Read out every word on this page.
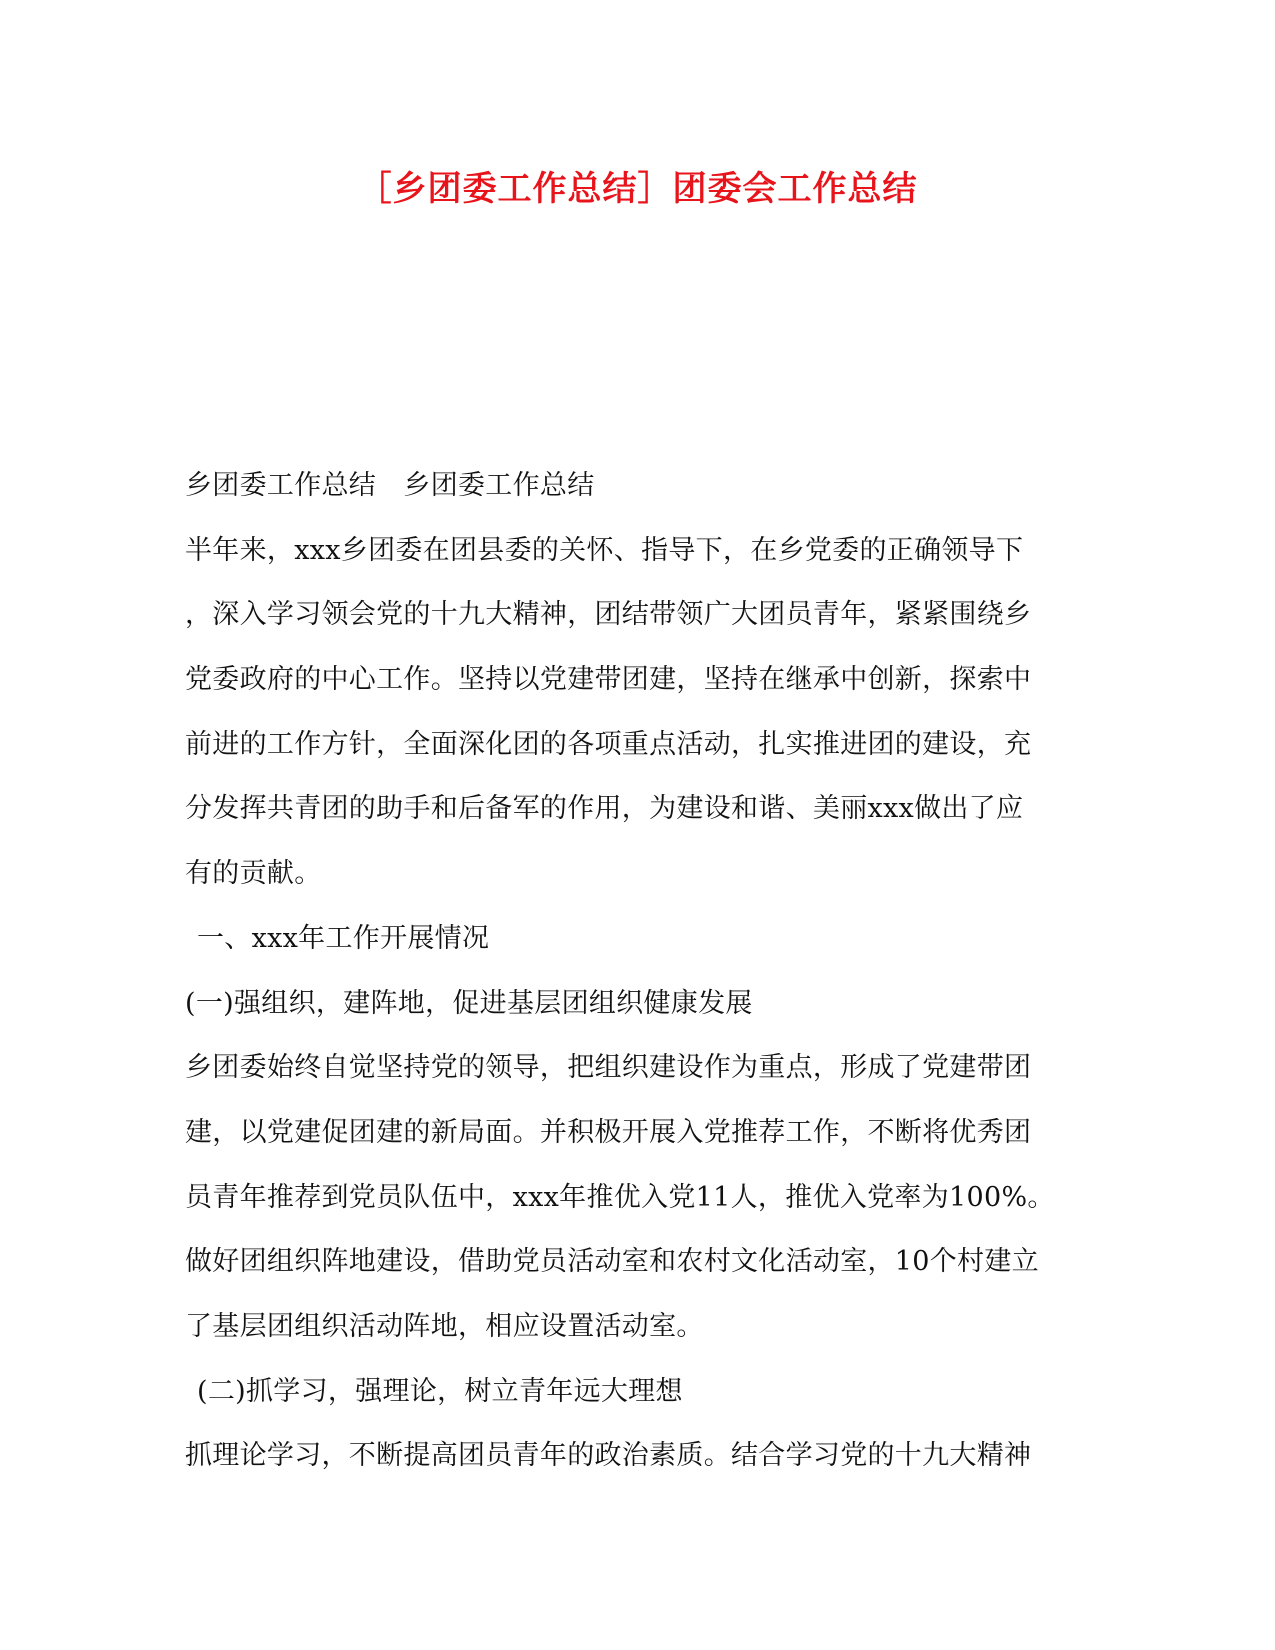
［乡团委工作总结］团委会工作总结
乡团委工作总结　乡团委工作总结
半年来，xxx乡团委在团县委的关怀、指导下，在乡党委的正确领导下
，深入学习领会党的十九大精神，团结带领广大团员青年，紧紧围绕乡
党委政府的中心工作。坚持以党建带团建，坚持在继承中创新，探索中
前进的工作方针，全面深化团的各项重点活动，扎实推进团的建设，充
分发挥共青团的助手和后备军的作用，为建设和谐、美丽xxx做出了应
有的贡献。
一、xxx年工作开展情况
(一)强组织，建阵地，促进基层团组织健康发展
乡团委始终自觉坚持党的领导，把组织建设作为重点，形成了党建带团
建，以党建促团建的新局面。并积极开展入党推荐工作，不断将优秀团
员青年推荐到党员队伍中，xxx年推优入党11人，推优入党率为100%。
做好团组织阵地建设，借助党员活动室和农村文化活动室，10个村建立
了基层团组织活动阵地，相应设置活动室。
(二)抓学习，强理论，树立青年远大理想
抓理论学习，不断提高团员青年的政治素质。结合学习党的十九大精神
